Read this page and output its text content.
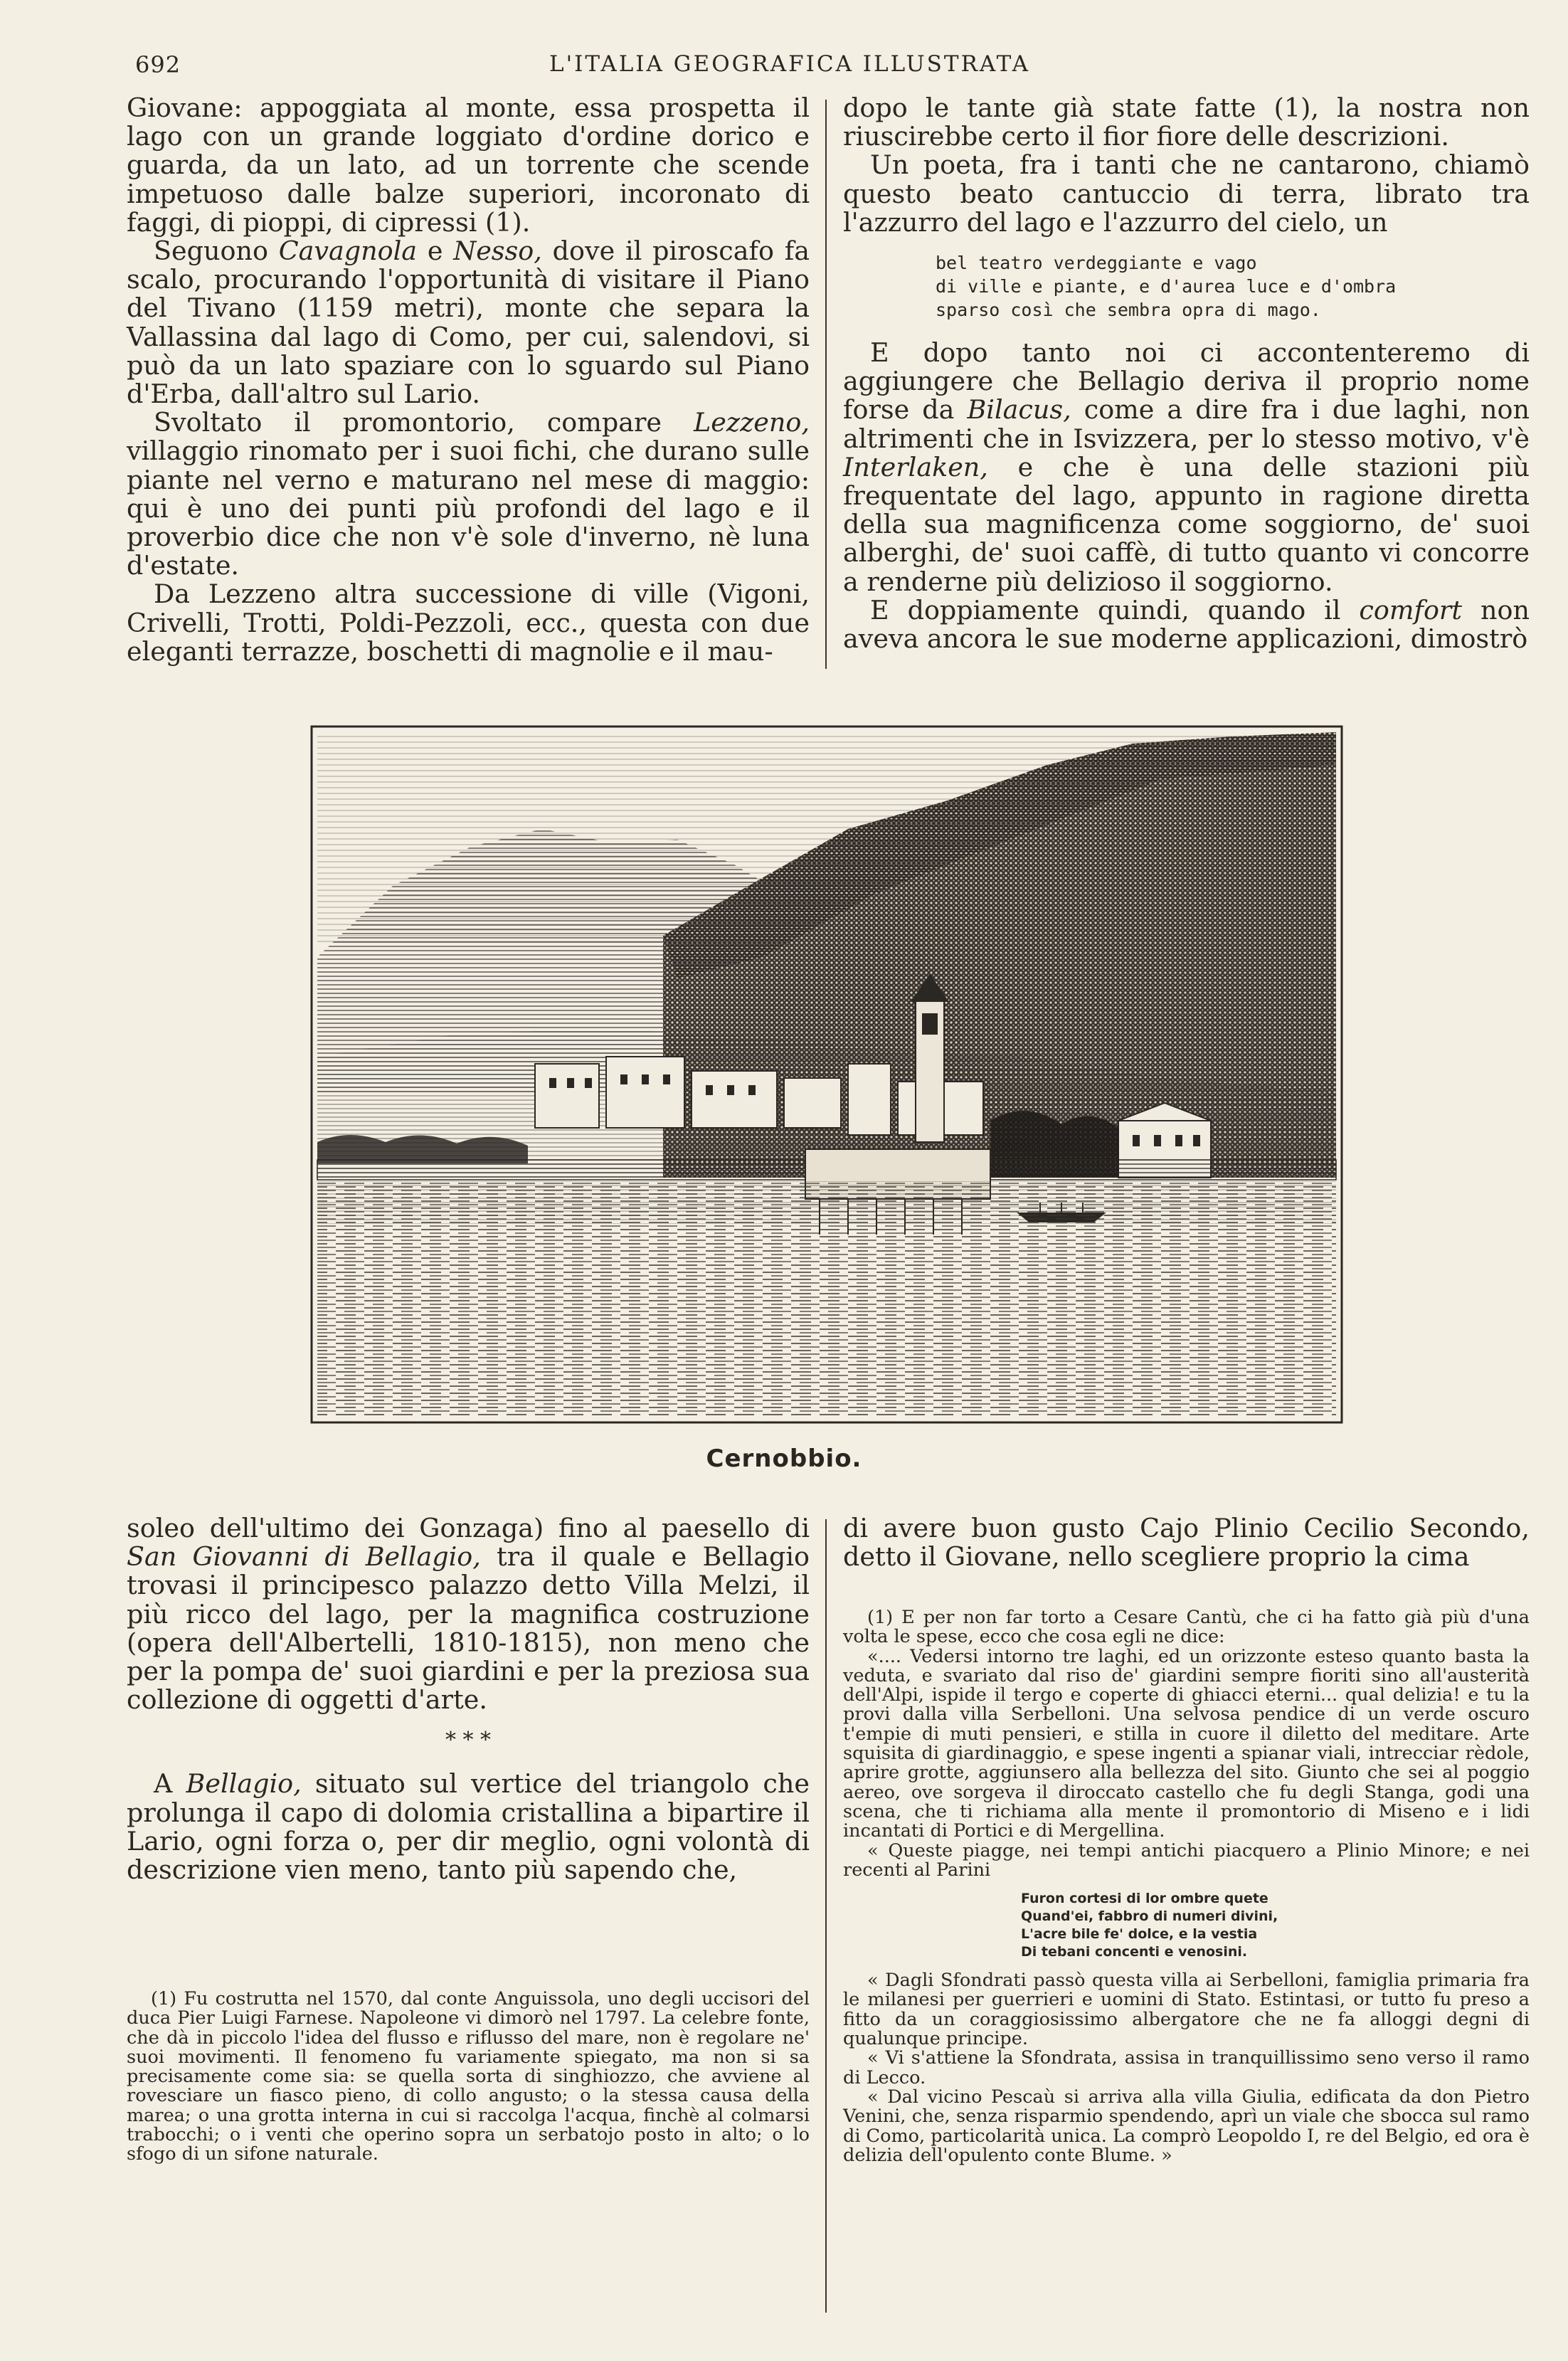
692	L'ITALIA GEOGRAFICA ILLUSTRATA

Giovane: appoggiata al monte, essa prospetta il lago con un grande loggiato d'ordine dorico e guarda, da un lato, ad un torrente che scende impetuoso dalle balze superiori, incoronato di faggi, di pioppi, di cipressi (1).

Seguono Cavagnola e Nesso, dove il piroscafo fa scalo, procurando l'opportunità di visitare il Piano del Tivano (1159 metri), monte che separa la Vallassina dal lago di Como, per cui, salendovi, si può da un lato spaziare con lo sguardo sul Piano d'Erba, dall'altro sul Lario.

Svoltato il promontorio, compare Lezzeno, villaggio rinomato per i suoi fichi, che durano sulle piante nel verno e maturano nel mese di maggio: qui è uno dei punti più profondi del lago e il proverbio dice che non v'è sole d'inverno, nè luna d'estate.

Da Lezzeno altra successione di ville (Vigoni, Crivelli, Trotti, Poldi-Pezzoli, ecc., questa con due eleganti terrazze, boschetti di magnolie e il mau-

dopo le tante già state fatte (1), la nostra non riuscirebbe certo il fior fiore delle descrizioni.

Un poeta, fra i tanti che ne cantarono, chiamò questo beato cantuccio di terra, librato tra l'azzurro del lago e l'azzurro del cielo, un

bel teatro verdeggiante e vago
di ville e piante, e d'aurea luce e d'ombra
sparso così che sembra opra di mago.

E dopo tanto noi ci accontenteremo di aggiungere che Bellagio deriva il proprio nome forse da Bilacus, come a dire fra i due laghi, non altrimenti che in Isvizzera, per lo stesso motivo, v'è Interlaken, e che è una delle stazioni più frequentate del lago, appunto in ragione diretta della sua magnificenza come soggiorno, de' suoi alberghi, de' suoi caffè, di tutto quanto vi concorre a renderne più delizioso il soggiorno.

E doppiamente quindi, quando il comfort non aveva ancora le sue moderne applicazioni, dimostrò

Cernobbio.

soleo dell'ultimo dei Gonzaga) fino al paesello di San Giovanni di Bellagio, tra il quale e Bellagio trovasi il principesco palazzo detto Villa Melzi, il più ricco del lago, per la magnifica costruzione (opera dell'Albertelli, 1810-1815), non meno che per la pompa de' suoi giardini e per la preziosa sua collezione di oggetti d'arte.

* * *

A Bellagio, situato sul vertice del triangolo che prolunga il capo di dolomia cristallina a bipartire il Lario, ogni forza o, per dir meglio, ogni volontà di descrizione vien meno, tanto più sapendo che,

(1) Fu costrutta nel 1570, dal conte Anguissola, uno degli uccisori del duca Pier Luigi Farnese. Napoleone vi dimorò nel 1797. La celebre fonte, che dà in piccolo l'idea del flusso e riflusso del mare, non è regolare ne' suoi movimenti. Il fenomeno fu variamente spiegato, ma non si sa precisamente come sia: se quella sorta di singhiozzo, che avviene al rovesciare un fiasco pieno, di collo angusto; o la stessa causa della marea; o una grotta interna in cui si raccolga l'acqua, finchè al colmarsi trabocchi; o i venti che operino sopra un serbatojo posto in alto; o lo sfogo di un sifone naturale.

di avere buon gusto Cajo Plinio Cecilio Secondo, detto il Giovane, nello scegliere proprio la cima

(1) E per non far torto a Cesare Cantù, che ci ha fatto già più d'una volta le spese, ecco che cosa egli ne dice:

«.... Vedersi intorno tre laghi, ed un orizzonte esteso quanto basta la veduta, e svariato dal riso de' giardini sempre fioriti sino all'austerità dell'Alpi, ispide il tergo e coperte di ghiacci eterni... qual delizia! e tu la provi dalla villa Serbelloni. Una selvosa pendice di un verde oscuro t'empie di muti pensieri, e stilla in cuore il diletto del meditare. Arte squisita di giardinaggio, e spese ingenti a spianar viali, intrecciar rèdole, aprire grotte, aggiunsero alla bellezza del sito. Giunto che sei al poggio aereo, ove sorgeva il diroccato castello che fu degli Stanga, godi una scena, che ti richiama alla mente il promontorio di Miseno e i lidi incantati di Portici e di Mergellina.

« Queste piagge, nei tempi antichi piacquero a Plinio Minore; e nei recenti al Parini

Furon cortesi di lor ombre quete
Quand'ei, fabbro di numeri divini,
L'acre bile fe' dolce, e la vestia
Di tebani concenti e venosini.

« Dagli Sfondrati passò questa villa ai Serbelloni, famiglia primaria fra le milanesi per guerrieri e uomini di Stato. Estintasi, or tutto fu preso a fitto da un coraggiosissimo albergatore che ne fa alloggi degni di qualunque principe.

« Vi s'attiene la Sfondrata, assisa in tranquillissimo seno verso il ramo di Lecco.

« Dal vicino Pescaù si arriva alla villa Giulia, edificata da don Pietro Venini, che, senza risparmio spendendo, aprì un viale che sbocca sul ramo di Como, particolarità unica. La comprò Leopoldo I, re del Belgio, ed ora è delizia dell'opulento conte Blume. »
